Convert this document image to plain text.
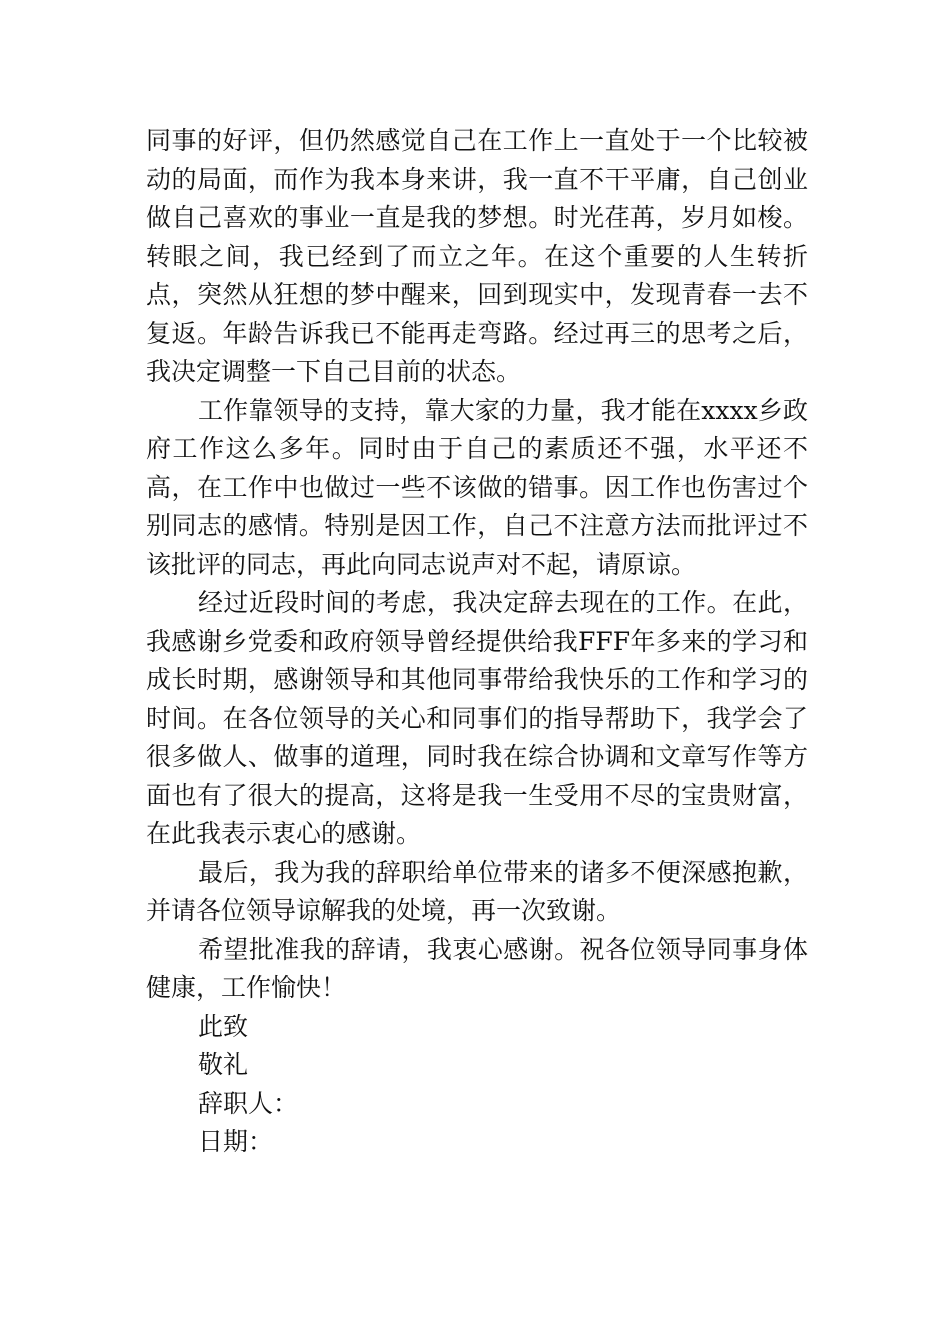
同事的好评，但仍然感觉自己在工作上一直处于一个比较被动的局面，而作为我本身来讲，我一直不干平庸，自己创业做自己喜欢的事业一直是我的梦想。时光荏苒，岁月如梭。转眼之间，我已经到了而立之年。在这个重要的人生转折点，突然从狂想的梦中醒来，回到现实中，发现青春一去不复返。年龄告诉我已不能再走弯路。经过再三的思考之后，我决定调整一下自己目前的状态。

工作靠领导的支持，靠大家的力量，我才能在xxxx乡政府工作这么多年。同时由于自己的素质还不强，水平还不高，在工作中也做过一些不该做的错事。因工作也伤害过个别同志的感情。特别是因工作，自己不注意方法而批评过不该批评的同志，再此向同志说声对不起，请原谅。

经过近段时间的考虑，我决定辞去现在的工作。在此，我感谢乡党委和政府领导曾经提供给我FFF年多来的学习和成长时期，感谢领导和其他同事带给我快乐的工作和学习的时间。在各位领导的关心和同事们的指导帮助下，我学会了很多做人、做事的道理，同时我在综合协调和文章写作等方面也有了很大的提高，这将是我一生受用不尽的宝贵财富，在此我表示衷心的感谢。

最后，我为我的辞职给单位带来的诸多不便深感抱歉，并请各位领导谅解我的处境，再一次致谢。

希望批准我的辞请，我衷心感谢。祝各位领导同事身体健康，工作愉快！

此致

敬礼

辞职人：

日期：
